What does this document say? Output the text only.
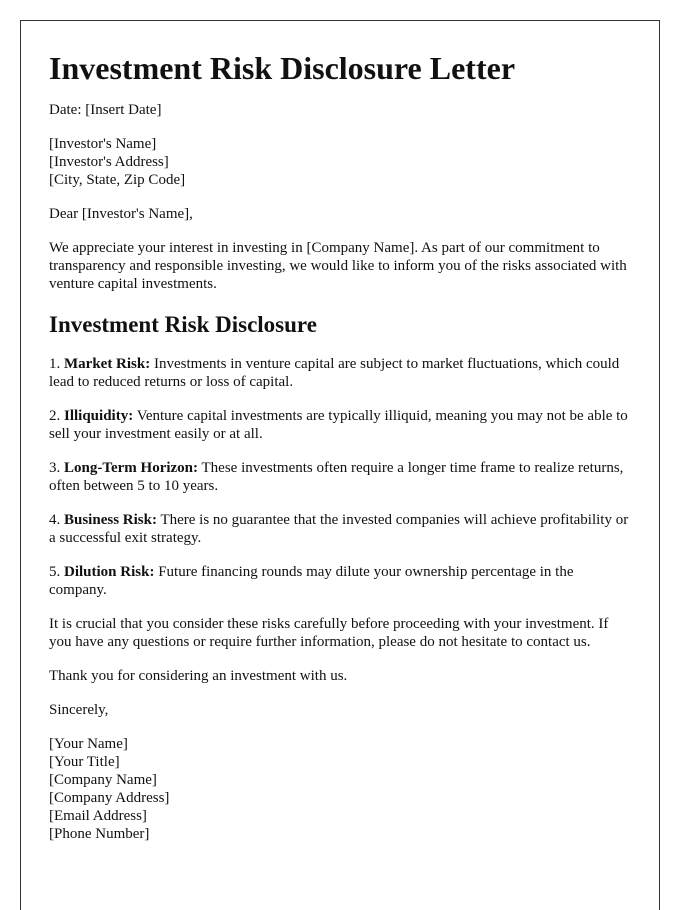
Investment Risk Disclosure Letter

Date: [Insert Date]

[Investor's Name]
[Investor's Address]
[City, State, Zip Code]

Dear [Investor's Name],

We appreciate your interest in investing in [Company Name]. As part of our commitment to transparency and responsible investing, we would like to inform you of the risks associated with venture capital investments.

Investment Risk Disclosure

1. Market Risk: Investments in venture capital are subject to market fluctuations, which could lead to reduced returns or loss of capital.

2. Illiquidity: Venture capital investments are typically illiquid, meaning you may not be able to sell your investment easily or at all.

3. Long-Term Horizon: These investments often require a longer time frame to realize returns, often between 5 to 10 years.

4. Business Risk: There is no guarantee that the invested companies will achieve profitability or a successful exit strategy.

5. Dilution Risk: Future financing rounds may dilute your ownership percentage in the company.

It is crucial that you consider these risks carefully before proceeding with your investment. If you have any questions or require further information, please do not hesitate to contact us.

Thank you for considering an investment with us.

Sincerely,

[Your Name]
[Your Title]
[Company Name]
[Company Address]
[Email Address]
[Phone Number]
